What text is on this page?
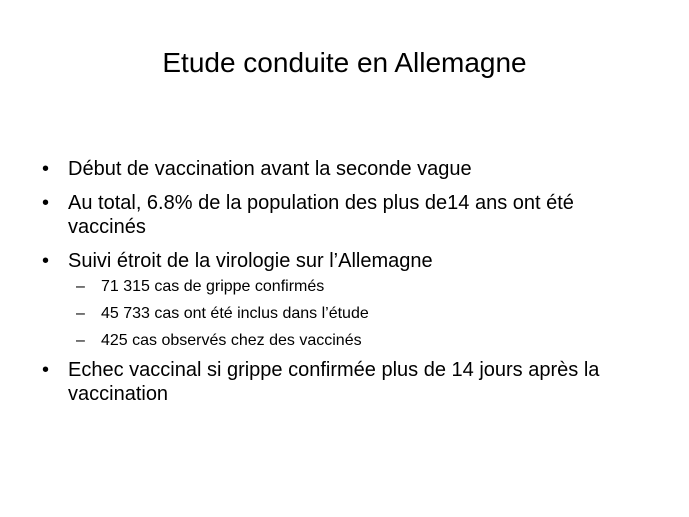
Etude conduite en Allemagne
• Début de vaccination avant la seconde vague
• Au total, 6.8% de la population des plus de14 ans ont été vaccinés
• Suivi étroit de la virologie sur l’Allemagne
–	71 315 cas de grippe confirmés
–	45 733 cas ont été inclus dans l’étude
–	425 cas observés chez des vaccinés
• Echec vaccinal si grippe confirmée plus de 14 jours après la vaccination
